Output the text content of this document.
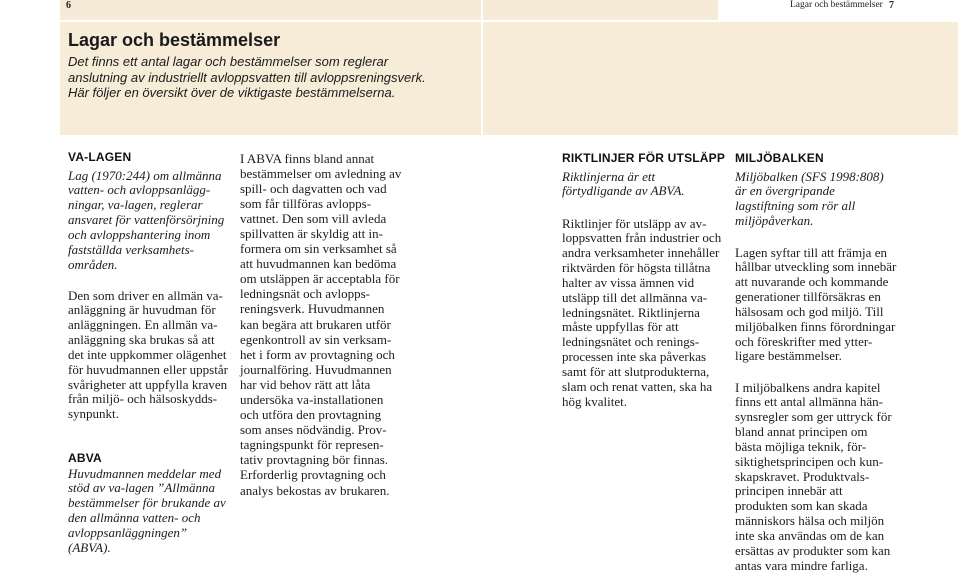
6	Lagar och bestämmelser 7
Lagar och bestämmelser
Det finns ett antal lagar och bestämmelser som reglerar
anslutning av industriellt avloppsvatten till avloppsreningsverk.
Här följer en översikt över de viktigaste bestämmelserna.
VA-LAGEN
Lag (1970:244) om allmänna
vatten- och avloppsanlägg-
ningar, va-lagen, reglerar
ansvaret för vattenförsörjning
och avloppshantering inom
fastställda verksamhets-
områden.
Den som driver en allmän va-
anläggning är huvudman för
anläggningen. En allmän va-
anläggning ska brukas så att
det inte uppkommer olägenhet
för huvudmannen eller uppstår
svårigheter att uppfylla kraven
från miljö- och hälsoskydds-
synpunkt.
ABVA
Huvudmannen meddelar med
stöd av va-lagen ”Allmänna
bestämmelser för brukande av
den allmänna vatten- och
avloppsanläggningen”
(ABVA).
I ABVA finns bland annat
bestämmelser om avledning av
spill- och dagvatten och vad
som får tillföras avlopps-
vattnet. Den som vill avleda
spillvatten är skyldig att in-
formera om sin verksamhet så
att huvudmannen kan bedöma
om utsläppen är acceptabla för
ledningsnät och avlopps-
reningsverk. Huvudmannen
kan begära att brukaren utför
egenkontroll av sin verksam-
het i form av provtagning och
journalföring. Huvudmannen
har vid behov rätt att låta
undersöka va-installationen
och utföra den provtagning
som anses nödvändig. Prov-
tagningspunkt för represen-
tativ provtagning bör finnas.
Erforderlig provtagning och
analys bekostas av brukaren.
RIKTLINJER FÖR UTSLÄPP
Riktlinjerna är ett
förtydligande av ABVA.
Riktlinjer för utsläpp av av-
loppsvatten från industrier och
andra verksamheter innehåller
riktvärden för högsta tillåtna
halter av vissa ämnen vid
utsläpp till det allmänna va-
ledningsnätet. Riktlinjerna
måste uppfyllas för att
ledningsnätet och renings-
processen inte ska påverkas
samt för att slutprodukterna,
slam och renat vatten, ska ha
hög kvalitet.
MILJÖBALKEN
Miljöbalken (SFS 1998:808)
är en övergripande
lagstiftning som rör all
miljöpåverkan.
Lagen syftar till att främja en
hållbar utveckling som innebär
att nuvarande och kommande
generationer tillförsäkras en
hälsosam och god miljö. Till
miljöbalken finns förordningar
och föreskrifter med ytter-
ligare bestämmelser.
I miljöbalkens andra kapitel
finns ett antal allmänna hän-
synsregler som ger uttryck för
bland annat principen om
bästa möjliga teknik, för-
siktighetsprincipen och kun-
skapskravet. Produktvals-
principen innebär att
produkten som kan skada
människors hälsa och miljön
inte ska användas om de kan
ersättas av produkter som kan
antas vara mindre farliga.
